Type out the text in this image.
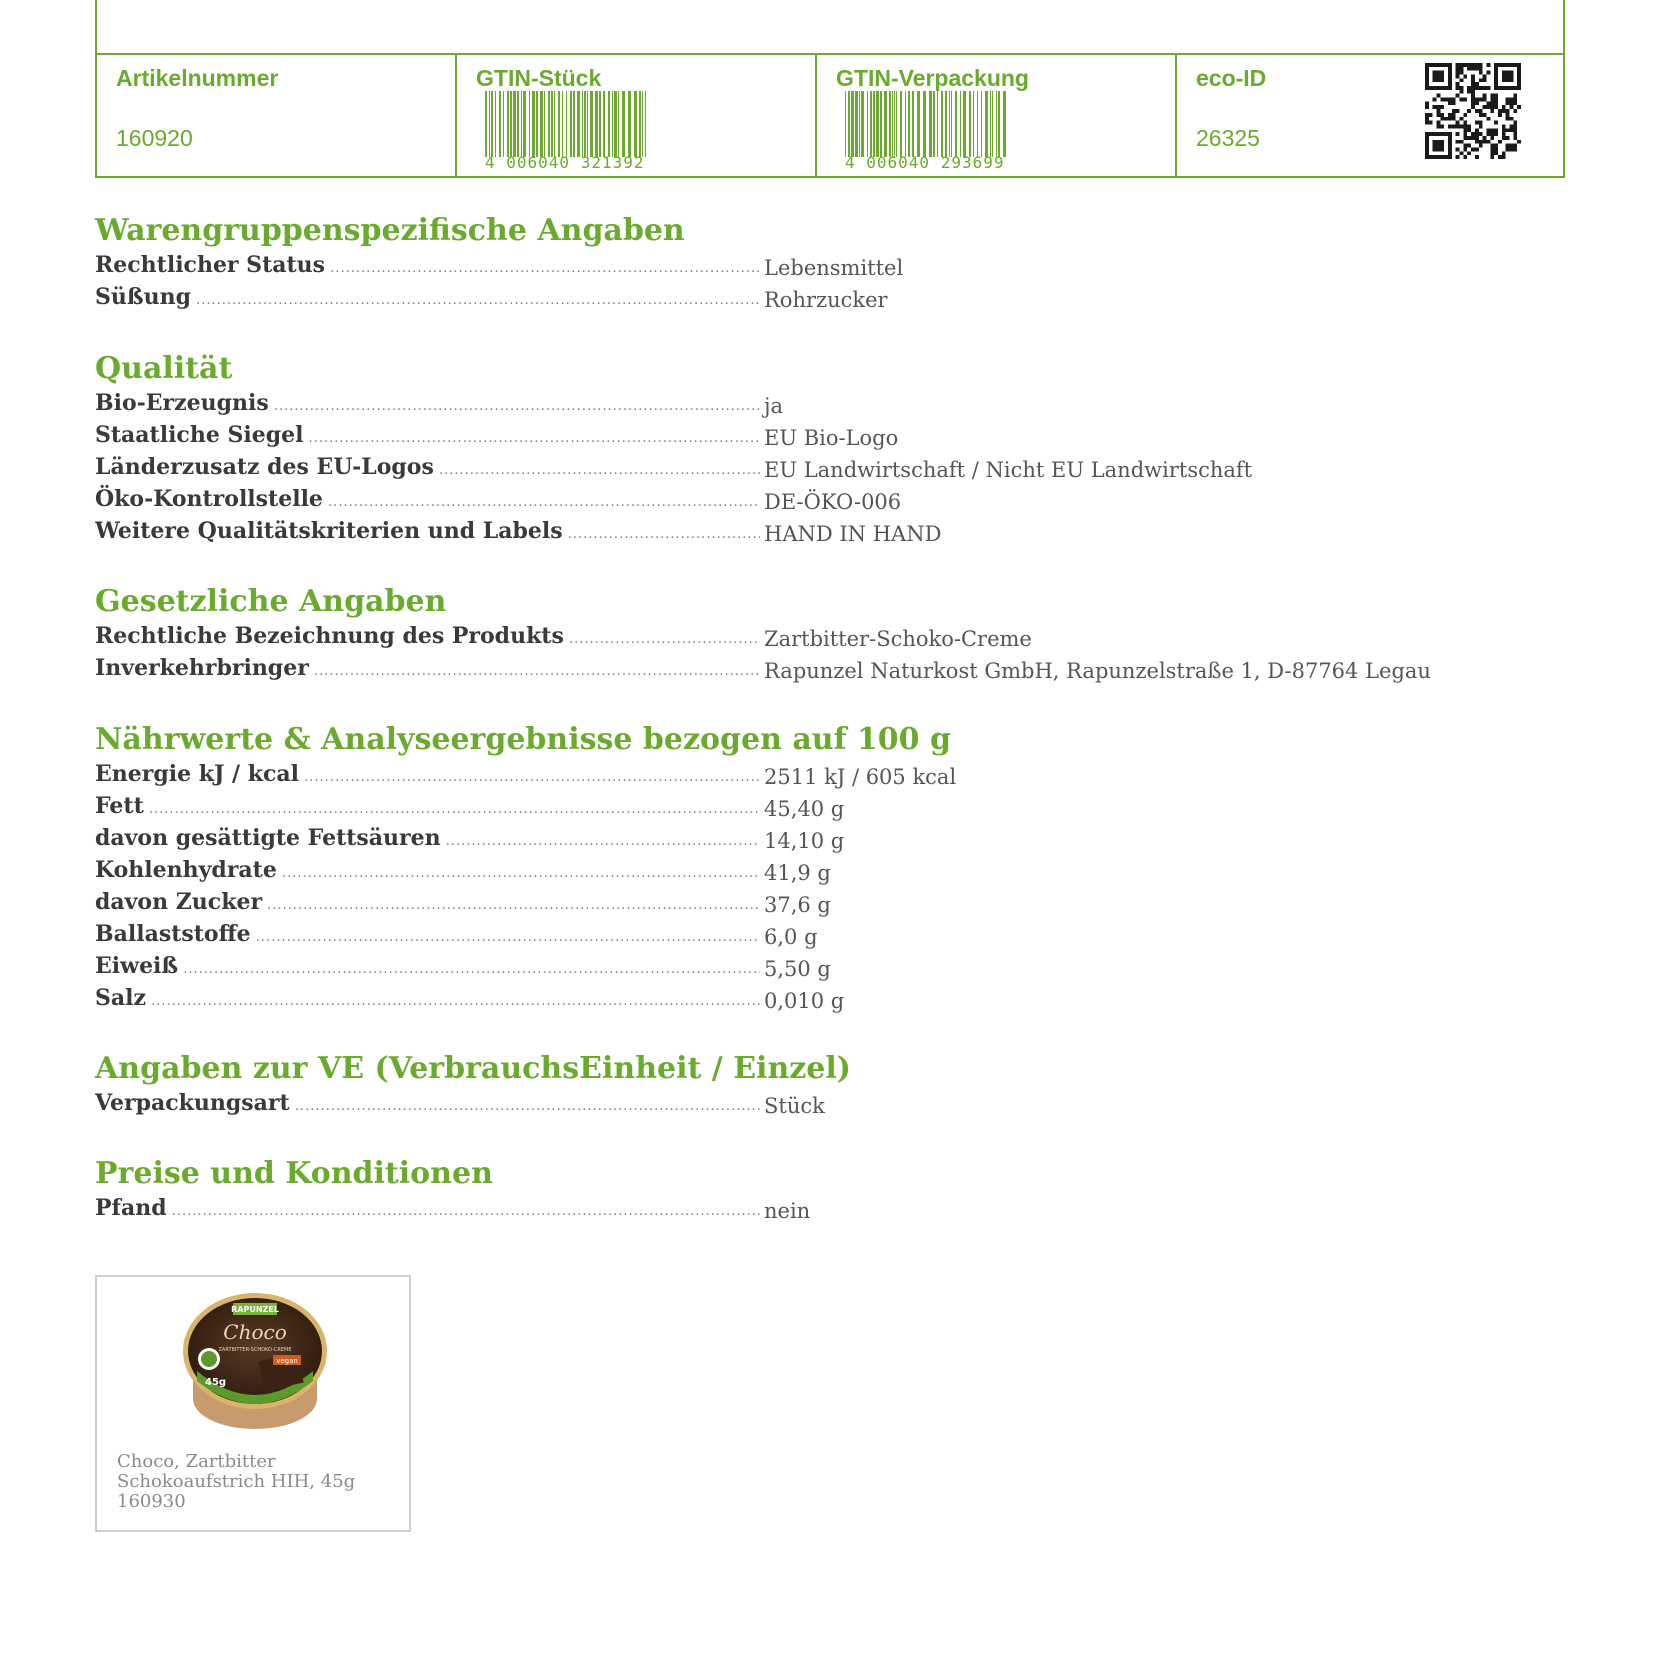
Artikelnummer
160920
GTIN-Stück
4 006040 321392
GTIN-Verpackung
4 006040 293699
eco-ID
26325
Warengruppenspezifische Angaben
Rechtlicher Status .....	Lebensmittel
Süßung .....	Rohrzucker
Qualität
Bio-Erzeugnis .....	ja
Staatliche Siegel .....	EU Bio-Logo
Länderzusatz des EU-Logos .....	EU Landwirtschaft / Nicht EU Landwirtschaft
Öko-Kontrollstelle .....	DE-ÖKO-006
Weitere Qualitätskriterien und Labels .....	HAND IN HAND
Gesetzliche Angaben
Rechtliche Bezeichnung des Produkts .....	Zartbitter-Schoko-Creme
Inverkehrbringer .....	Rapunzel Naturkost GmbH, Rapunzelstraße 1, D-87764 Legau
Nährwerte & Analyseergebnisse bezogen auf 100 g
Energie kJ / kcal .....	2511 kJ / 605 kcal
Fett .....	45,40 g
davon gesättigte Fettsäuren .....	14,10 g
Kohlenhydrate .....	41,9 g
davon Zucker .....	37,6 g
Ballaststoffe .....	6,0 g
Eiweiß .....	5,50 g
Salz .....	0,010 g
Angaben zur VE (VerbrauchsEinheit / Einzel)
Verpackungsart .....	Stück
Preise und Konditionen
Pfand .....	nein
RAPUNZEL
Choco
ZARTBITTER-SCHOKO-CREME
vegan
45g
Choco, Zartbitter
Schokoaufstrich HIH, 45g
160930
